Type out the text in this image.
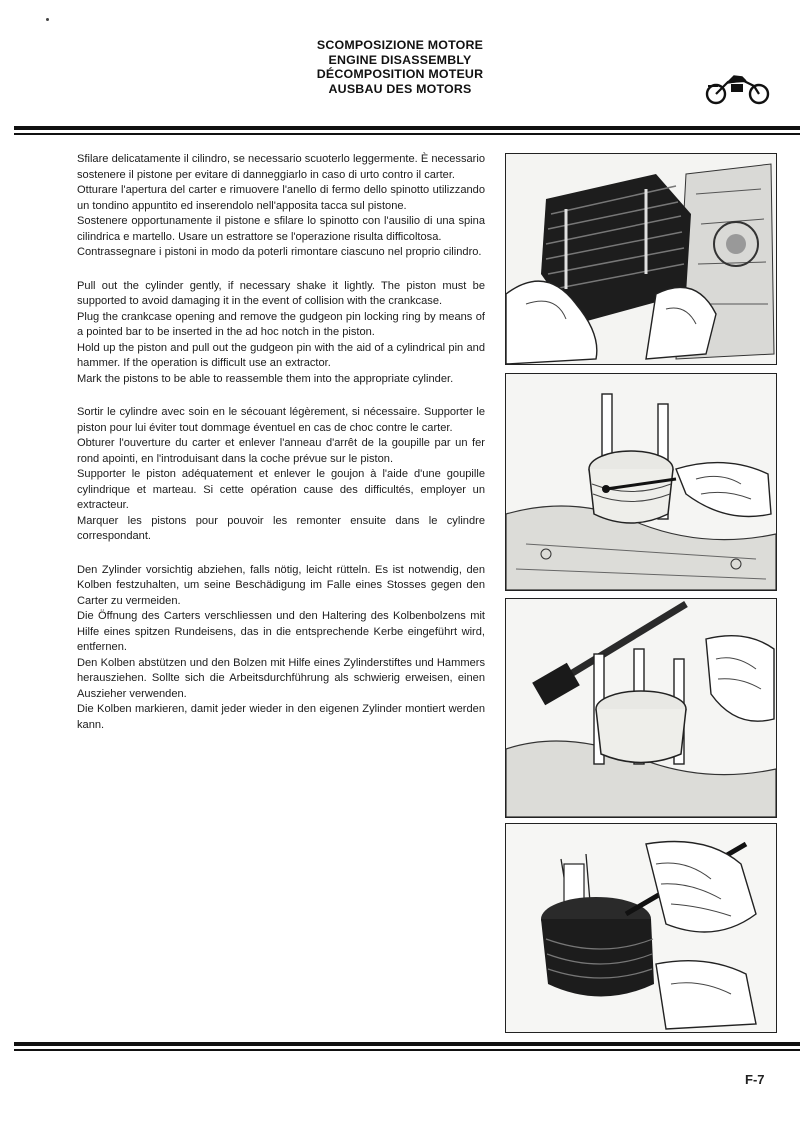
SCOMPOSIZIONE MOTORE
ENGINE DISASSEMBLY
DÉCOMPOSITION MOTEUR
AUSBAU DES MOTORS

Sfilare delicatamente il cilindro, se necessario scuoterlo leggermente. È necessario sostenere il pistone per evitare di danneggiarlo in caso di urto contro il carter.

Otturare l'apertura del carter e rimuovere l'anello di fermo dello spinotto utilizzando un tondino appuntito ed inserendolo nell'apposita tacca sul pistone.

Sostenere opportunamente il pistone e sfilare lo spinotto con l'ausilio di una spina cilindrica e martello. Usare un estrattore se l'operazione risulta difficoltosa.

Contrassegnare i pistoni in modo da poterli rimontare ciascuno nel proprio cilindro.

Pull out the cylinder gently, if necessary shake it lightly. The piston must be supported to avoid damaging it in the event of collision with the crankcase.

Plug the crankcase opening and remove the gudgeon pin locking ring by means of a pointed bar to be inserted in the ad hoc notch in the piston.

Hold up the piston and pull out the gudgeon pin with the aid of a cylindrical pin and hammer. If the operation is difficult use an extractor.

Mark the pistons to be able to reassemble them into the appropriate cylinder.

Sortir le cylindre avec soin en le sécouant légèrement, si nécessaire. Supporter le piston pour lui éviter tout dommage éventuel en cas de choc contre le carter.

Obturer l'ouverture du carter et enlever l'anneau d'arrêt de la goupille par un fer rond apointi, en l'introduisant dans la coche prévue sur le piston.

Supporter le piston adéquatement et enlever le goujon à l'aide d'une goupille cylindrique et marteau. Si cette opération cause des difficultés, employer un extracteur.

Marquer les pistons pour pouvoir les remonter ensuite dans le cylindre correspondant.

Den Zylinder vorsichtig abziehen, falls nötig, leicht rütteln. Es ist notwendig, den Kolben festzuhalten, um seine Beschädigung im Falle eines Stosses gegen den Carter zu vermeiden.

Die Öffnung des Carters verschliessen und den Haltering des Kolbenbolzens mit Hilfe eines spitzen Rundeisens, das in die entsprechende Kerbe eingeführt wird, entfernen.

Den Kolben abstützen und den Bolzen mit Hilfe eines Zylinderstiftes und Hammers herausziehen. Sollte sich die Arbeitsdurchführung als schwierig erweisen, einen Auszieher verwenden.

Die Kolben markieren, damit jeder wieder in den eigenen Zylinder montiert werden kann.

F-7
